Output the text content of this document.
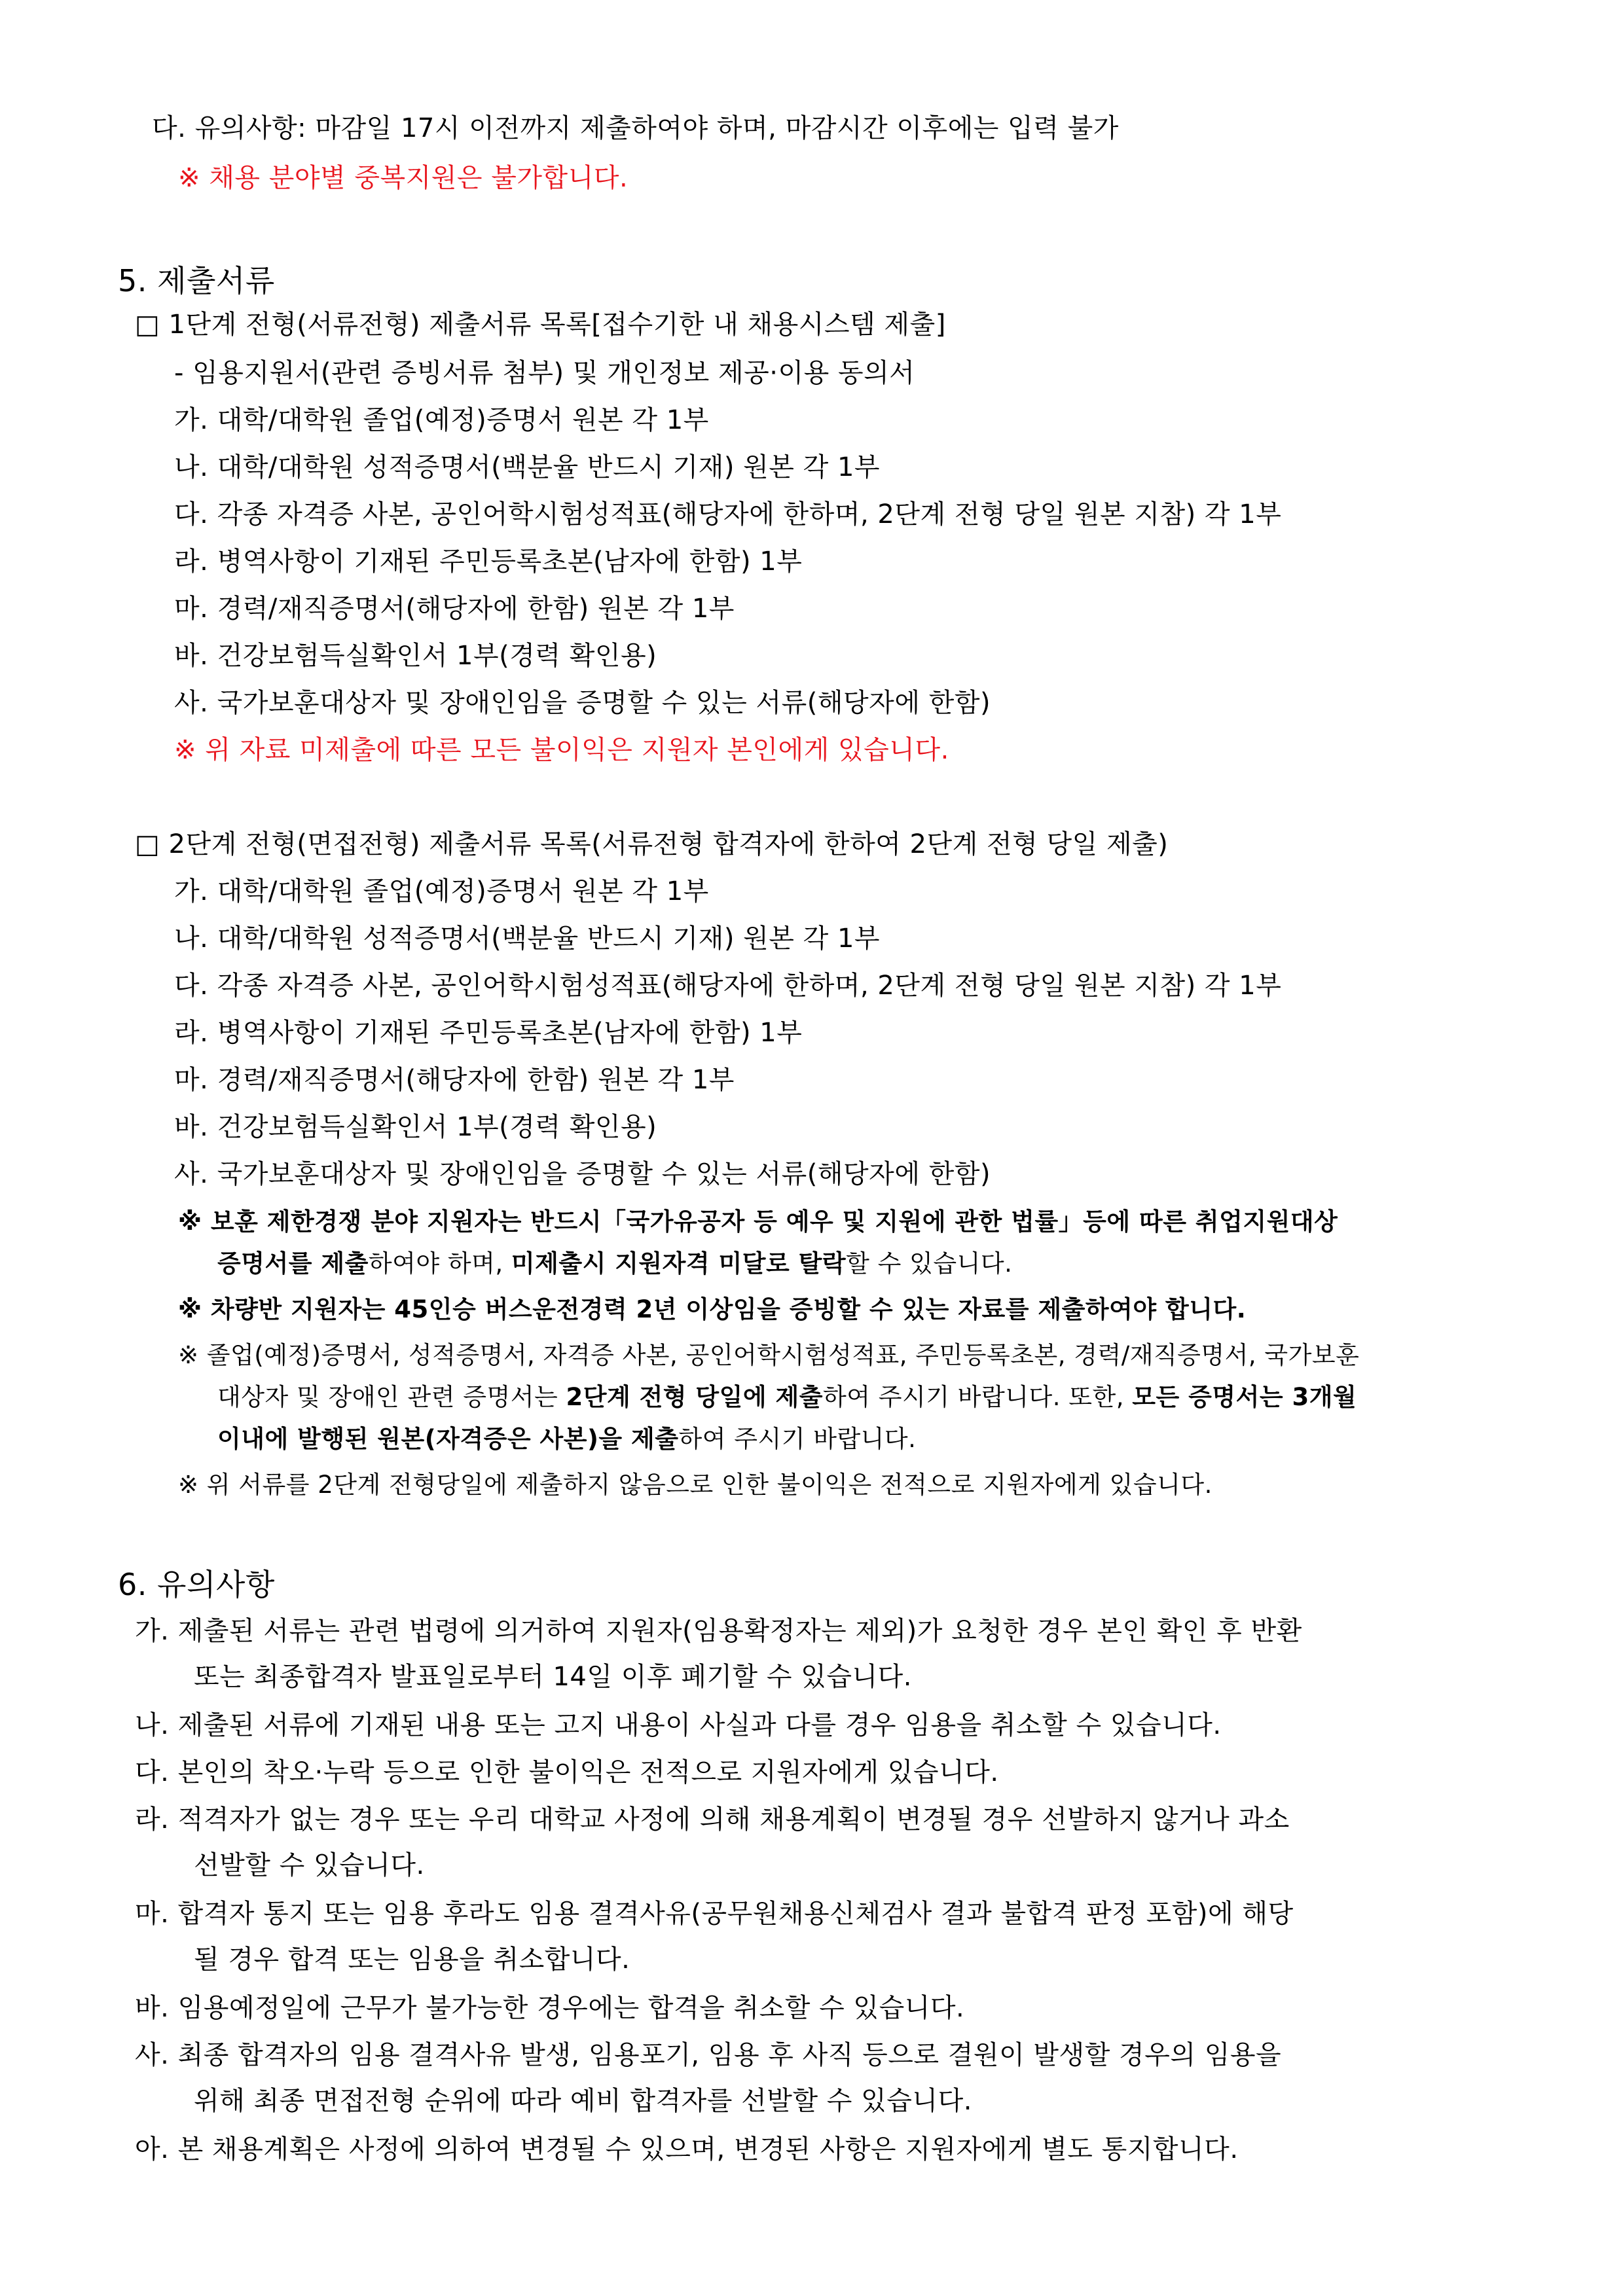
다. 유의사항: 마감일 17시 이전까지 제출하여야 하며, 마감시간 이후에는 입력 불가
※ 채용 분야별 중복지원은 불가합니다.
5. 제출서류
□ 1단계 전형(서류전형) 제출서류 목록[접수기한 내 채용시스템 제출]
- 임용지원서(관련 증빙서류 첨부) 및 개인정보 제공·이용 동의서
가. 대학/대학원 졸업(예정)증명서 원본 각 1부
나. 대학/대학원 성적증명서(백분율 반드시 기재) 원본 각 1부
다. 각종 자격증 사본, 공인어학시험성적표(해당자에 한하며, 2단계 전형 당일 원본 지참) 각 1부
라. 병역사항이 기재된 주민등록초본(남자에 한함) 1부
마. 경력/재직증명서(해당자에 한함) 원본 각 1부
바. 건강보험득실확인서 1부(경력 확인용)
사. 국가보훈대상자 및 장애인임을 증명할 수 있는 서류(해당자에 한함)
※ 위 자료 미제출에 따른 모든 불이익은 지원자 본인에게 있습니다.
□ 2단계 전형(면접전형) 제출서류 목록(서류전형 합격자에 한하여 2단계 전형 당일 제출)
가. 대학/대학원 졸업(예정)증명서 원본 각 1부
나. 대학/대학원 성적증명서(백분율 반드시 기재) 원본 각 1부
다. 각종 자격증 사본, 공인어학시험성적표(해당자에 한하며, 2단계 전형 당일 원본 지참) 각 1부
라. 병역사항이 기재된 주민등록초본(남자에 한함) 1부
마. 경력/재직증명서(해당자에 한함) 원본 각 1부
바. 건강보험득실확인서 1부(경력 확인용)
사. 국가보훈대상자 및 장애인임을 증명할 수 있는 서류(해당자에 한함)
※ 보훈 제한경쟁 분야 지원자는 반드시「국가유공자 등 예우 및 지원에 관한 법률」등에 따른 취업지원대상
증명서를 제출하여야 하며, 미제출시 지원자격 미달로 탈락할 수 있습니다.
※ 차량반 지원자는 45인승 버스운전경력 2년 이상임을 증빙할 수 있는 자료를 제출하여야 합니다.
※ 졸업(예정)증명서, 성적증명서, 자격증 사본, 공인어학시험성적표, 주민등록초본, 경력/재직증명서, 국가보훈
대상자 및 장애인 관련 증명서는 2단계 전형 당일에 제출하여 주시기 바랍니다. 또한, 모든 증명서는 3개월
이내에 발행된 원본(자격증은 사본)을 제출하여 주시기 바랍니다.
※ 위 서류를 2단계 전형당일에 제출하지 않음으로 인한 불이익은 전적으로 지원자에게 있습니다.
6. 유의사항
가. 제출된 서류는 관련 법령에 의거하여 지원자(임용확정자는 제외)가 요청한 경우 본인 확인 후 반환
또는 최종합격자 발표일로부터 14일 이후 폐기할 수 있습니다.
나. 제출된 서류에 기재된 내용 또는 고지 내용이 사실과 다를 경우 임용을 취소할 수 있습니다.
다. 본인의 착오·누락 등으로 인한 불이익은 전적으로 지원자에게 있습니다.
라. 적격자가 없는 경우 또는 우리 대학교 사정에 의해 채용계획이 변경될 경우 선발하지 않거나 과소
선발할 수 있습니다.
마. 합격자 통지 또는 임용 후라도 임용 결격사유(공무원채용신체검사 결과 불합격 판정 포함)에 해당
될 경우 합격 또는 임용을 취소합니다.
바. 임용예정일에 근무가 불가능한 경우에는 합격을 취소할 수 있습니다.
사. 최종 합격자의 임용 결격사유 발생, 임용포기, 임용 후 사직 등으로 결원이 발생할 경우의 임용을
위해 최종 면접전형 순위에 따라 예비 합격자를 선발할 수 있습니다.
아. 본 채용계획은 사정에 의하여 변경될 수 있으며, 변경된 사항은 지원자에게 별도 통지합니다.
